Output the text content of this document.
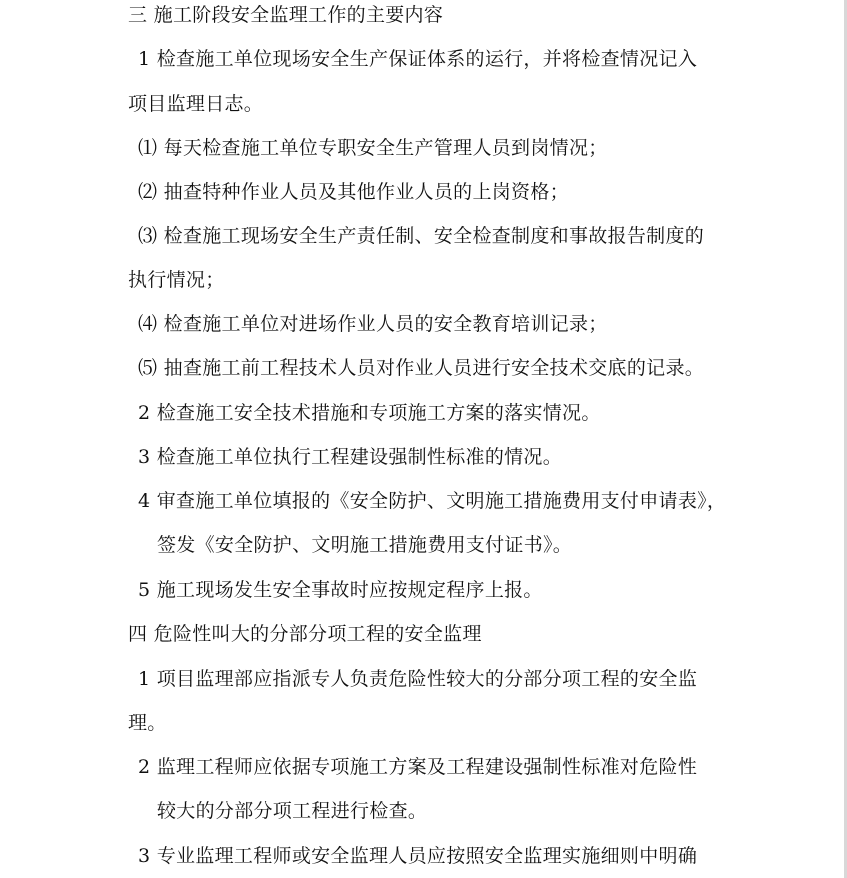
三 施工阶段安全监理工作的主要内容
1 检查施工单位现场安全生产保证体系的运行，并将检查情况记入
项目监理日志。
⑴ 每天检查施工单位专职安全生产管理人员到岗情况；
⑵ 抽查特种作业人员及其他作业人员的上岗资格；
⑶ 检查施工现场安全生产责任制、安全检查制度和事故报告制度的
执行情况；
⑷ 检查施工单位对进场作业人员的安全教育培训记录；
⑸ 抽查施工前工程技术人员对作业人员进行安全技术交底的记录。
2 检查施工安全技术措施和专项施工方案的落实情况。
3 检查施工单位执行工程建设强制性标准的情况。
4 审查施工单位填报的《安全防护、文明施工措施费用支付申请表》，
签发《安全防护、文明施工措施费用支付证书》。
5 施工现场发生安全事故时应按规定程序上报。
四 危险性叫大的分部分项工程的安全监理
1 项目监理部应指派专人负责危险性较大的分部分项工程的安全监
理。
2 监理工程师应依据专项施工方案及工程建设强制性标准对危险性
较大的分部分项工程进行检查。
3 专业监理工程师或安全监理人员应按照安全监理实施细则中明确
